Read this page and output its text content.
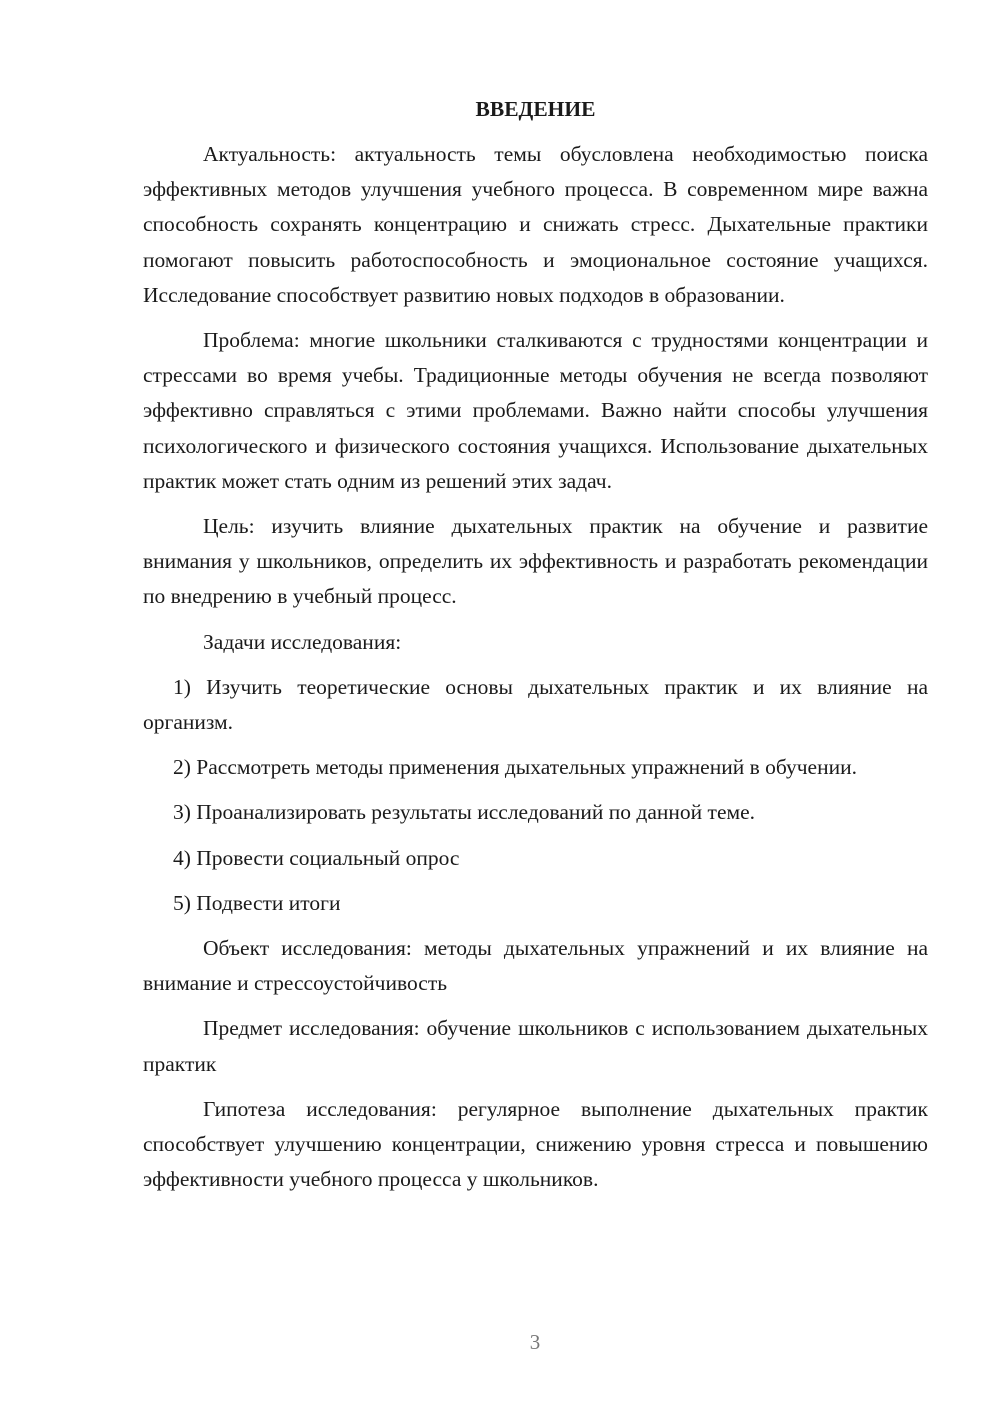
ВВЕДЕНИЕ

Актуальность: актуальность темы обусловлена необходимостью поиска эффективных методов улучшения учебного процесса. В современном мире важна способность сохранять концентрацию и снижать стресс. Дыхательные практики помогают повысить работоспособность и эмоциональное состояние учащихся. Исследование способствует развитию новых подходов в образовании.

Проблема: многие школьники сталкиваются с трудностями концентрации и стрессами во время учебы. Традиционные методы обучения не всегда позволяют эффективно справляться с этими проблемами. Важно найти способы улучшения психологического и физического состояния учащихся. Использование дыхательных практик может стать одним из решений этих задач.

Цель: изучить влияние дыхательных практик на обучение и развитие внимания у школьников, определить их эффективность и разработать рекомендации по внедрению в учебный процесс.

Задачи исследования:

1) Изучить теоретические основы дыхательных практик и их влияние на организм.

2) Рассмотреть методы применения дыхательных упражнений в обучении.

3) Проанализировать результаты исследований по данной теме.

4) Провести социальный опрос

5) Подвести итоги

Объект исследования: методы дыхательных упражнений и их влияние на внимание и стрессоустойчивость

Предмет исследования: обучение школьников с использованием дыхательных практик

Гипотеза исследования: регулярное выполнение дыхательных практик способствует улучшению концентрации, снижению уровня стресса и повышению эффективности учебного процесса у школьников.

3
